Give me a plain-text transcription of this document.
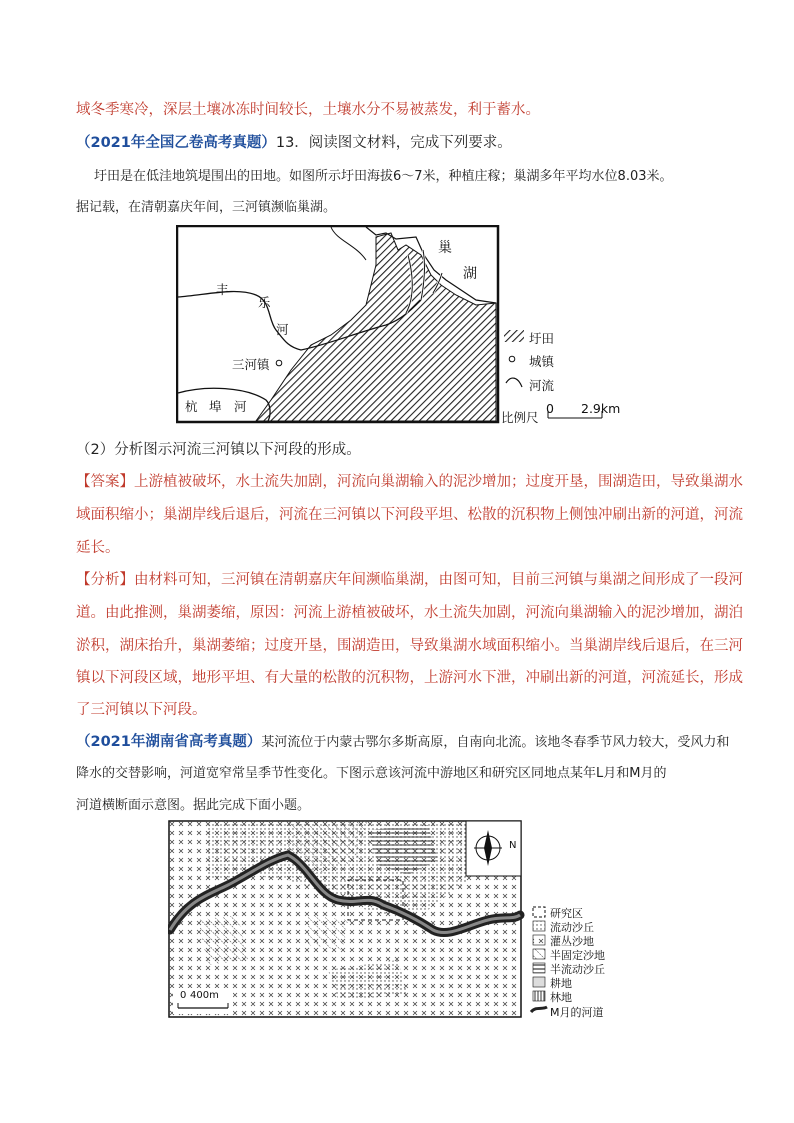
域冬季寒冷，深层土壤冰冻时间较长，土壤水分不易被蒸发，利于蓄水。
（2021年全国乙卷高考真题）13．阅读图文材料，完成下列要求。
圩田是在低洼地筑堤围出的田地。如图所示圩田海拔6～7米，种植庄稼；巢湖多年平均水位8.03米。
据记载，在清朝嘉庆年间，三河镇濒临巢湖。
巢
湖
丰
乐
河
三河镇
杭 埠 河
圩田
城镇
河流
比例尺
0 2.9km
（2）分析图示河流三河镇以下河段的形成。
【答案】上游植被破坏，水土流失加剧，河流向巢湖输入的泥沙增加；过度开垦，围湖造田，导致巢湖水
域面积缩小；巢湖岸线后退后，河流在三河镇以下河段平坦、松散的沉积物上侧蚀冲刷出新的河道，河流
延长。
【分析】由材料可知，三河镇在清朝嘉庆年间濒临巢湖，由图可知，目前三河镇与巢湖之间形成了一段河
道。由此推测，巢湖萎缩，原因：河流上游植被破坏，水土流失加剧，河流向巢湖输入的泥沙增加，湖泊
淤积，湖床抬升，巢湖萎缩；过度开垦，围湖造田，导致巢湖水域面积缩小。当巢湖岸线后退后，在三河
镇以下河段区域，地形平坦、有大量的松散的沉积物，上游河水下泄，冲刷出新的河道，河流延长，形成
了三河镇以下河段。
（2021年湖南省高考真题）某河流位于内蒙古鄂尔多斯高原，自南向北流。该地冬春季节风力较大，受风力和
降水的交替影响，河道宽窄常呈季节性变化。下图示意该河流中游地区和研究区同地点某年L月和M月的
河道横断面示意图。据此完成下面小题。
N
0 400m
研究区
流动沙丘
灌丛沙地
半固定沙地
半流动沙丘
耕地
林地
M月的河道
